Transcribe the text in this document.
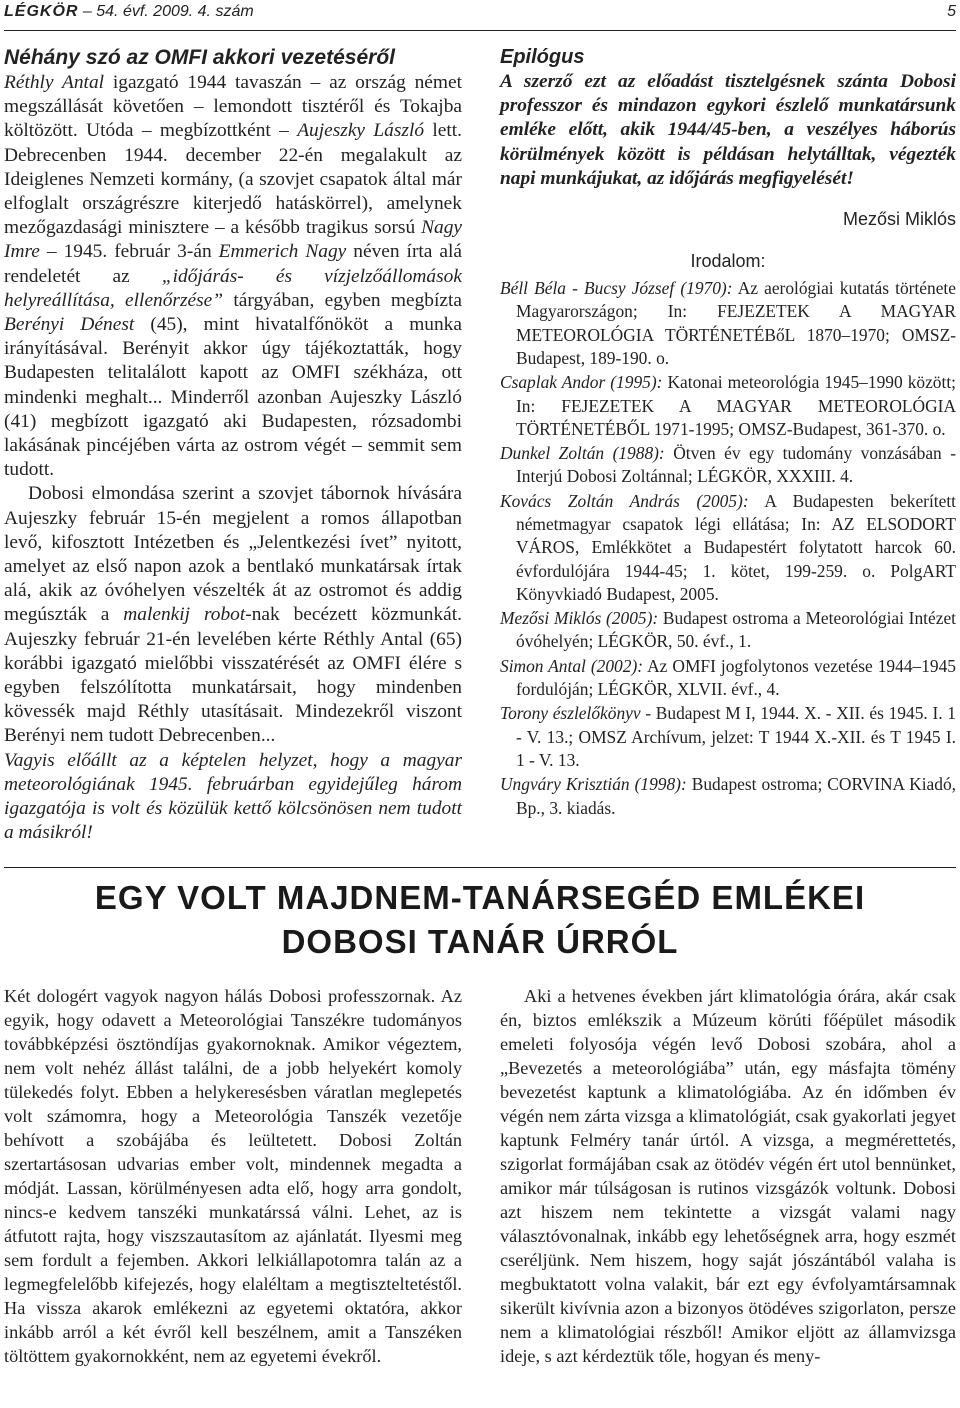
LÉGKÖR – 54. évf. 2009. 4. szám	5

Néhány szó az OMFI akkori vezetéséről

Réthly Antal igazgató 1944 tavaszán – az ország német megszállását követően – lemondott tisztéről és Tokajba költözött. Utóda – megbízottként – Aujeszky László lett. Debrecenben 1944. december 22-én megalakult az Ideiglenes Nemzeti kormány, (a szovjet csapatok által már elfoglalt országrészre kiterjedő hatáskörrel), amelynek mezőgazdasági minisztere – a később tragikus sorsú Nagy Imre – 1945. február 3-án Emmerich Nagy néven írta alá rendeletét az „időjárás- és vízjelzőállomások helyreállítása, ellenőrzése” tárgyában, egyben megbízta Berényi Dénest (45), mint hivatalfőnököt a munka irányításával. Berényit akkor úgy tájékoztatták, hogy Budapesten telitalálott kapott az OMFI székháza, ott mindenki meghalt... Minderről azonban Aujeszky László (41) megbízott igazgató aki Budapesten, rózsadombi lakásának pincéjében várta az ostrom végét – semmit sem tudott.

Dobosi elmondása szerint a szovjet tábornok hívására Aujeszky február 15-én megjelent a romos állapotban levő, kifosztott Intézetben és „Jelentkezési ívet” nyitott, amelyet az első napon azok a bentlakó munkatársak írtak alá, akik az óvóhelyen vészelték át az ostromot és addig megúszták a malenkij robot-nak becézett közmunkát. Aujeszky február 21-én levelében kérte Réthly Antal (65) korábbi igazgató mielőbbi visszatérését az OMFI élére s egyben felszólította munkatársait, hogy mindenben kövessék majd Réthly utasításait. Mindezekről viszont Berényi nem tudott Debrecenben...

Vagyis előállt az a képtelen helyzet, hogy a magyar meteorológiának 1945. februárban egyidejűleg három igazgatója is volt és közülük kettő kölcsönösen nem tudott a másikról!

Epilógus

A szerző ezt az előadást tisztelgésnek szánta Dobosi professzor és mindazon egykori észlelő munkatársunk emléke előtt, akik 1944/45-ben, a veszélyes háborús körülmények között is példásan helytálltak, végezték napi munkájukat, az időjárás megfigyelését!

Mezősi Miklós

Irodalom:

Béll Béla - Bucsy József (1970): Az aerológiai kutatás története Magyarországon; In: FEJEZETEK A MAGYAR METEOROLÓGIA TÖRTÉNETÉBőL 1870–1970; OMSZ-Budapest, 189-190. o.

Csaplak Andor (1995): Katonai meteorológia 1945–1990 között; In: FEJEZETEK A MAGYAR METEOROLÓGIA TÖRTÉNETÉBŐL 1971-1995; OMSZ-Budapest, 361-370. o.

Dunkel Zoltán (1988): Ötven év egy tudomány vonzásában - Interjú Dobosi Zoltánnal; LÉGKÖR, XXXIII. 4.

Kovács Zoltán András (2005): A Budapesten bekerített németmagyar csapatok légi ellátása; In: AZ ELSODORT VÁROS, Emlékkötet a Budapestért folytatott harcok 60. évfordulójára 1944-45; 1. kötet, 199-259. o. PolgART Könyvkiadó Budapest, 2005.

Mezősi Miklós (2005): Budapest ostroma a Meteorológiai Intézet óvóhelyén; LÉGKÖR, 50. évf., 1.

Simon Antal (2002): Az OMFI jogfolytonos vezetése 1944–1945 fordulóján; LÉGKÖR, XLVII. évf., 4.

Torony észlelőkönyv - Budapest M I, 1944. X. - XII. és 1945. I. 1 - V. 13.; OMSZ Archívum, jelzet: T 1944 X.-XII. és T 1945 I. 1 - V. 13.

Ungváry Krisztián (1998): Budapest ostroma; CORVINA Kiadó, Bp., 3. kiadás.

EGY VOLT MAJDNEM-TANÁRSEGÉD EMLÉKEI
DOBOSI TANÁR ÚRRÓL

Két dologért vagyok nagyon hálás Dobosi professzornak. Az egyik, hogy odavett a Meteorológiai Tanszékre tudományos továbbképzési ösztöndíjas gyakornoknak. Amikor végeztem, nem volt nehéz állást találni, de a jobb helyekért komoly tülekedés folyt. Ebben a helykeresésben váratlan meglepetés volt számomra, hogy a Meteorológia Tanszék vezetője behívott a szobájába és leültetett. Dobosi Zoltán szertartásosan udvarias ember volt, mindennek megadta a módját. Lassan, körülményesen adta elő, hogy arra gondolt, nincs-e kedvem tanszéki munkatárssá válni. Lehet, az is átfutott rajta, hogy viszszautasítom az ajánlatát. Ilyesmi meg sem fordult a fejemben. Akkori lelkiállapotomra talán az a legmegfelelőbb kifejezés, hogy elaléltam a megtiszteltetéstől. Ha vissza akarok emlékezni az egyetemi oktatóra, akkor inkább arról a két évről kell beszélnem, amit a Tanszéken töltöttem gyakornokként, nem az egyetemi évekről.

Aki a hetvenes években járt klimatológia órára, akár csak én, biztos emlékszik a Múzeum körúti főépület második emeleti folyosója végén levő Dobosi szobára, ahol a „Bevezetés a meteorológiába” után, egy másfajta tömény bevezetést kaptunk a klimatológiába. Az én időmben év végén nem zárta vizsga a klimatológiát, csak gyakorlati jegyet kaptunk Felméry tanár úrtól. A vizsga, a megmérettetés, szigorlat formájában csak az ötödév végén ért utol bennünket, amikor már túlságosan is rutinos vizsgázók voltunk. Dobosi azt hiszem nem tekintette a vizsgát valami nagy választóvonalnak, inkább egy lehetőségnek arra, hogy eszmét cseréljünk. Nem hiszem, hogy saját jószántából valaha is megbuktatott volna valakit, bár ezt egy évfolyamtársamnak sikerült kivívnia azon a bizonyos ötödéves szigorlaton, persze nem a klimatológiai részből! Amikor eljött az államvizsga ideje, s azt kérdeztük tőle, hogyan és meny-
